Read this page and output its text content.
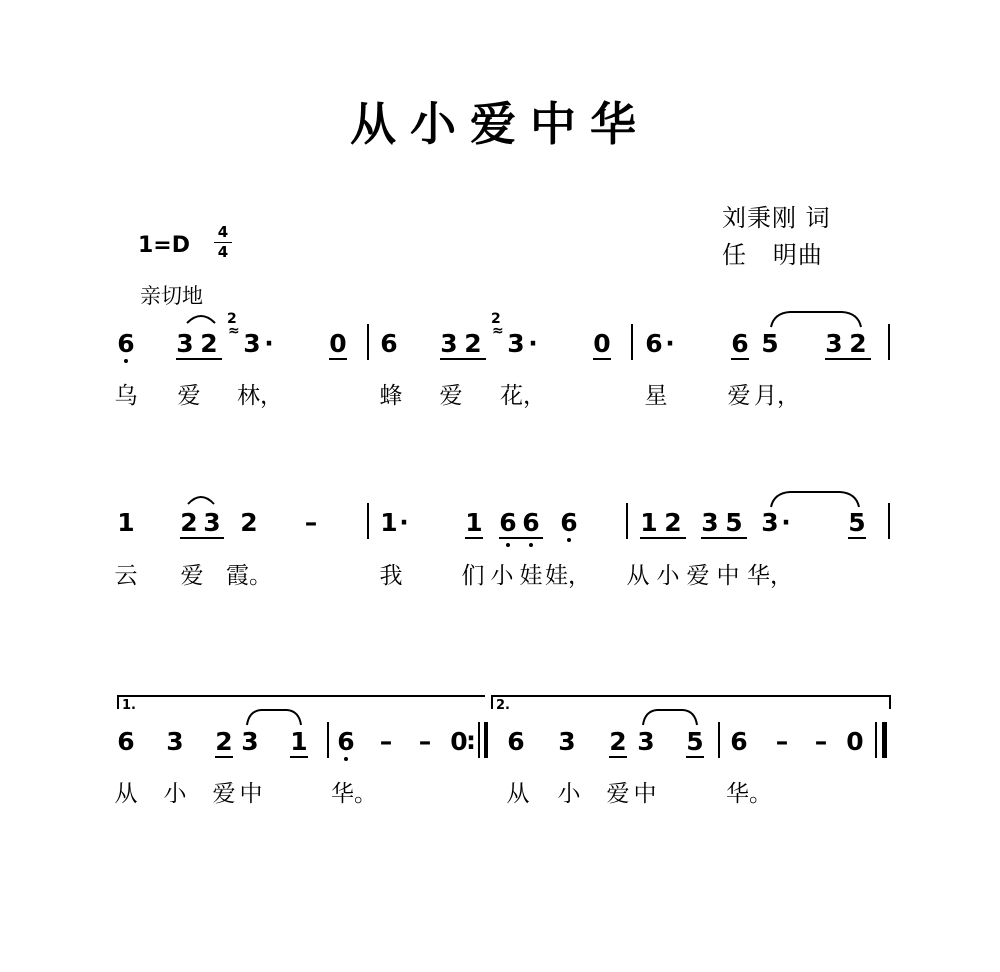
从小爱中华
刘秉刚 词
任   明曲
1=D
4
4
亲切地
6 3 2
2 ≈
3 · 0 6 3 2
2 ≈
3 · 0 6 · 6 5 3 2
乌 爱 林，	蜂 爱 花，	星	爱 月，
1 2 3 2 –	1 · 1 6 6 6	1 2 3 5 3 · 5
云 爱 霞。	我	们 小 娃 娃， 从 小 爱 中 华，
1.	2.
6 3 2 3 1 6 – – 0
: 6 3 2 3 5 6 – – 0
从 小 爱 中	华。	从 小 爱 中	华。
